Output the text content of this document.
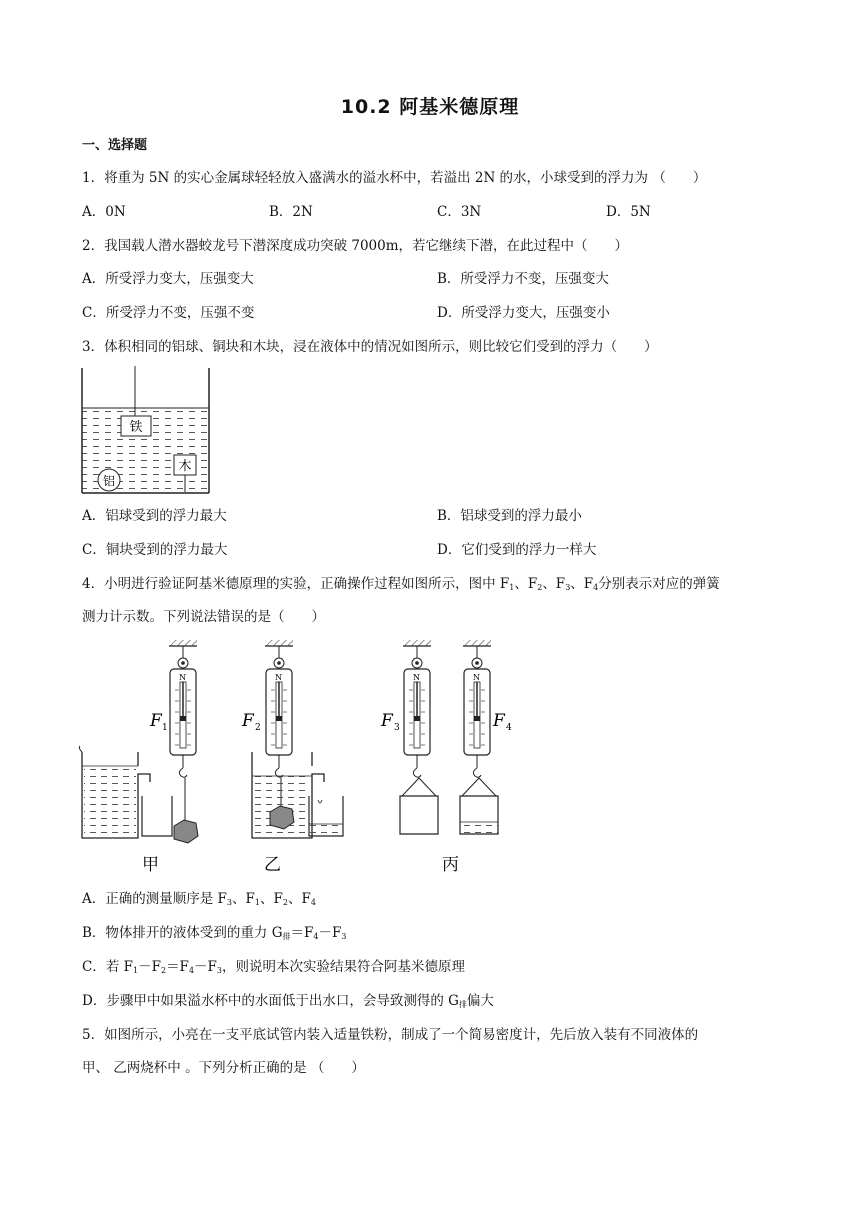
10.2 阿基米德原理
一、选择题
1．将重为 5N 的实心金属球轻轻放入盛满水的溢水杯中，若溢出 2N 的水，小球受到的浮力为 （　　）
A．0N	B．2N	C．3N	D．5N
2．我国载人潜水器蛟龙号下潜深度成功突破 7000m，若它继续下潜，在此过程中（　　）
A．所受浮力变大，压强变大	B．所受浮力不变，压强变大
C．所受浮力不变，压强不变	D．所受浮力变大，压强变小
3．体积相同的铝球、铜块和木块，浸在液体中的情况如图所示，则比较它们受到的浮力（　　）
铁
木
铝
A．铝球受到的浮力最大	B．铝球受到的浮力最小
C．铜块受到的浮力最大	D．它们受到的浮力一样大
4．小明进行验证阿基米德原理的实验，正确操作过程如图所示，图中 $F_1$、$F_2$、$F_3$、$F_4$分别表示对应的弹簧
测力计示数。下列说法错误的是（　　）
N
F 1
甲
N
F 2
乙
N
F 3
N
F 4
丙
A．正确的测量顺序是 $F_3$、$F_1$、$F_2$、$F_4$
B．物体排开的液体受到的重力 $G_排=F_4-F_3$
C．若 $F_1-F_2=F_4-F_3$，则说明本次实验结果符合阿基米德原理
D．步骤甲中如果溢水杯中的水面低于出水口，会导致测得的 $G_排$偏大
5．如图所示，小亮在一支平底试管内装入适量铁粉，制成了一个简易密度计，先后放入装有不同液体的
甲、 乙两烧杯中 。下列分析正确的是 （　　）
